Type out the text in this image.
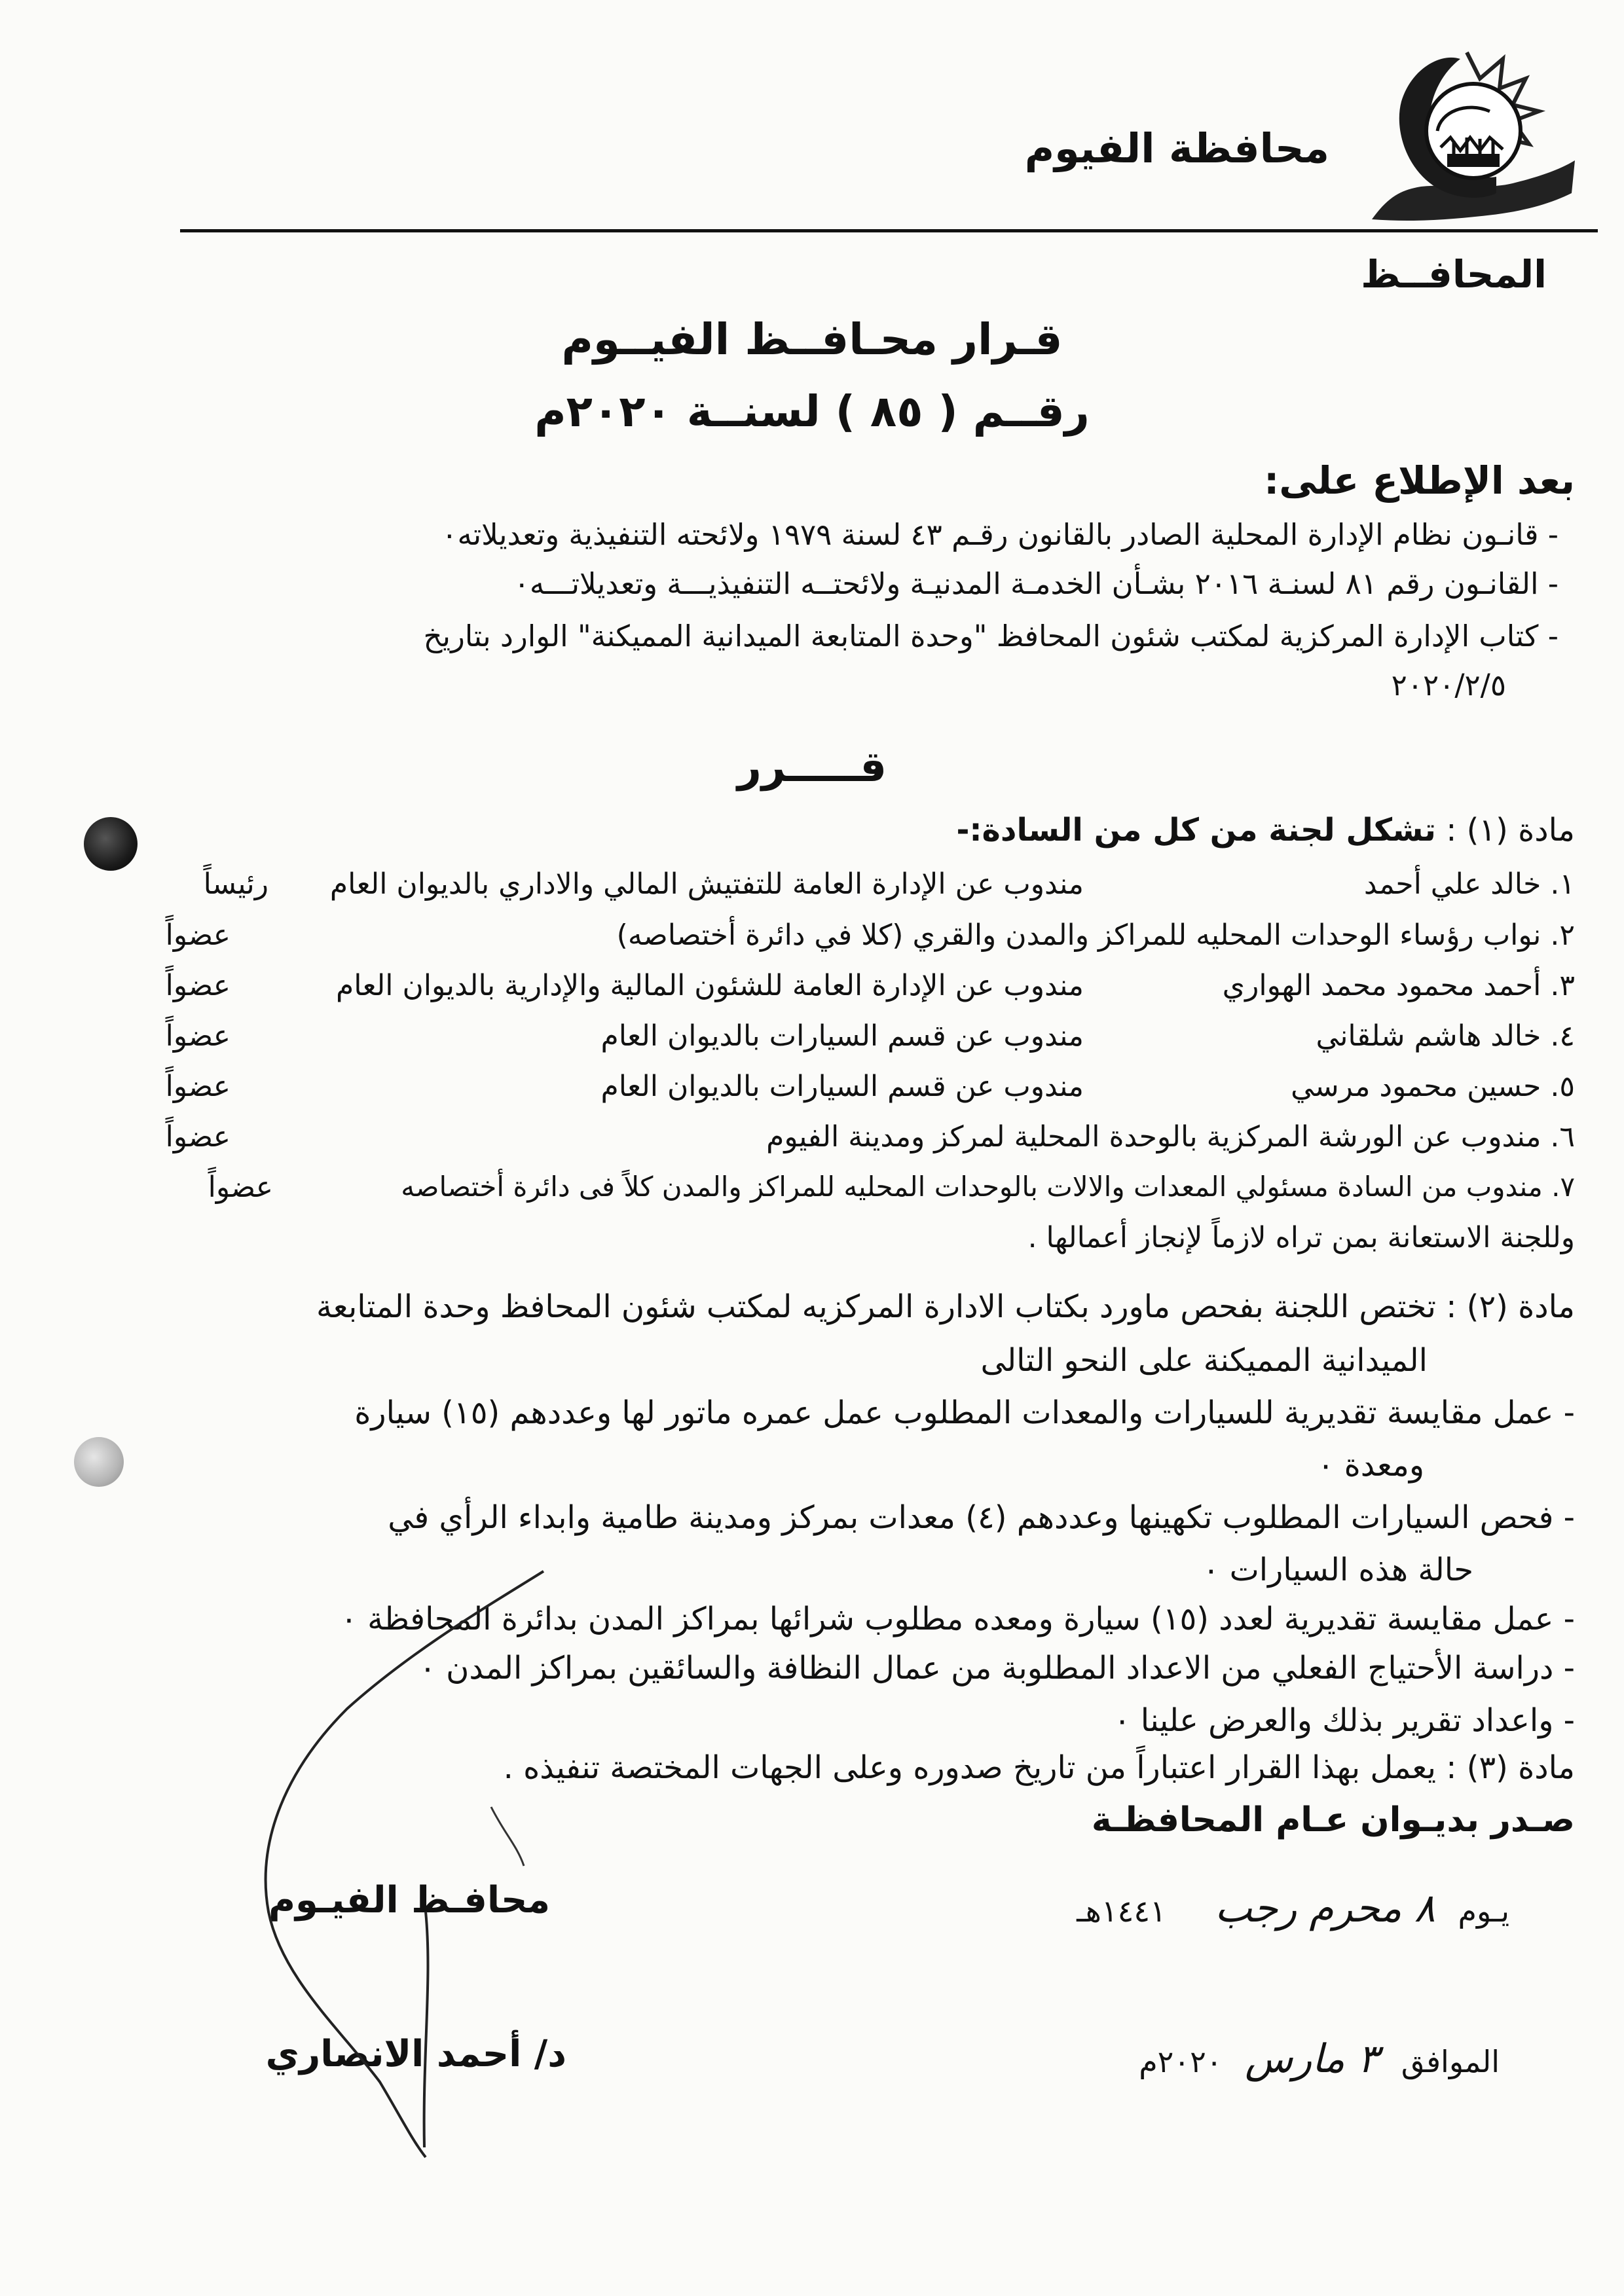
محافظة الفيوم
المحافــظ
قـرار محـافــظ الفيــوم
رقــم ( ٨٥ ) لسنــة ٢٠٢٠م
بعد الإطلاع على:
- قانـون نظام الإدارة المحلية الصادر بالقانون رقـم ٤٣ لسنة ١٩٧٩ ولائحته التنفيذية وتعديلاته٠
- القانـون رقم ٨١ لسنـة ٢٠١٦ بشـأن الخدمـة المدنيـة ولائحتــه التنفيذيـــة وتعديلاتـــه٠
- كتاب الإدارة المركزية لمكتب شئون المحافظ "وحدة المتابعة الميدانية المميكنة" الوارد بتاريخ
٢٠٢٠/٢/٥
قـــــرر
مادة (١) : تشكل لجنة من كل من السادة:-
١. خالد علي أحمد
مندوب عن الإدارة العامة للتفتيش المالي والاداري بالديوان العام
رئيساً
٢. نواب رؤساء الوحدات المحليه للمراكز والمدن والقري (كلا في دائرة أختصاصه)
عضواً
٣. أحمد محمود محمد الهواري
مندوب عن الإدارة العامة للشئون المالية والإدارية بالديوان العام
عضواً
٤. خالد هاشم شلقاني
مندوب عن قسم السيارات بالديوان العام
عضواً
٥. حسين محمود مرسي
مندوب عن قسم السيارات بالديوان العام
عضواً
٦. مندوب عن الورشة المركزية بالوحدة المحلية لمركز ومدينة الفيوم
عضواً
٧. مندوب من السادة مسئولي المعدات والالات بالوحدات المحليه للمراكز والمدن كلاً فى دائرة أختصاصه
عضواً
وللجنة الاستعانة بمن تراه لازماً لإنجاز أعمالها .
مادة (٢) : تختص اللجنة بفحص ماورد بكتاب الادارة المركزيه لمكتب شئون المحافظ وحدة المتابعة
الميدانية المميكنة على النحو التالى
- عمل مقايسة تقديرية للسيارات والمعدات المطلوب عمل عمره ماتور لها وعددهم (١٥) سيارة
ومعدة ٠
- فحص السيارات المطلوب تكهينها وعددهم (٤) معدات بمركز ومدينة طامية وابداء الرأي في
حالة هذه السيارات ٠
- عمل مقايسة تقديرية لعدد (١٥) سيارة ومعده مطلوب شرائها بمراكز المدن بدائرة المحافظة ٠
- دراسة الأحتياج الفعلي من الاعداد المطلوبة من عمال النظافة والسائقين بمراكز المدن ٠
- واعداد تقرير بذلك والعرض علينا ٠
مادة (٣) : يعمل بهذا القرار اعتباراً من تاريخ صدوره وعلى الجهات المختصة تنفيذه .
صـدر بديـوان عـام المحافظـة
يـوم ٨ محرم رجب ١٤٤١هـ
الموافق ٣ مارس ٢٠٢٠م
محافـظ الفيـوم
د/ أحمد الانصاري
